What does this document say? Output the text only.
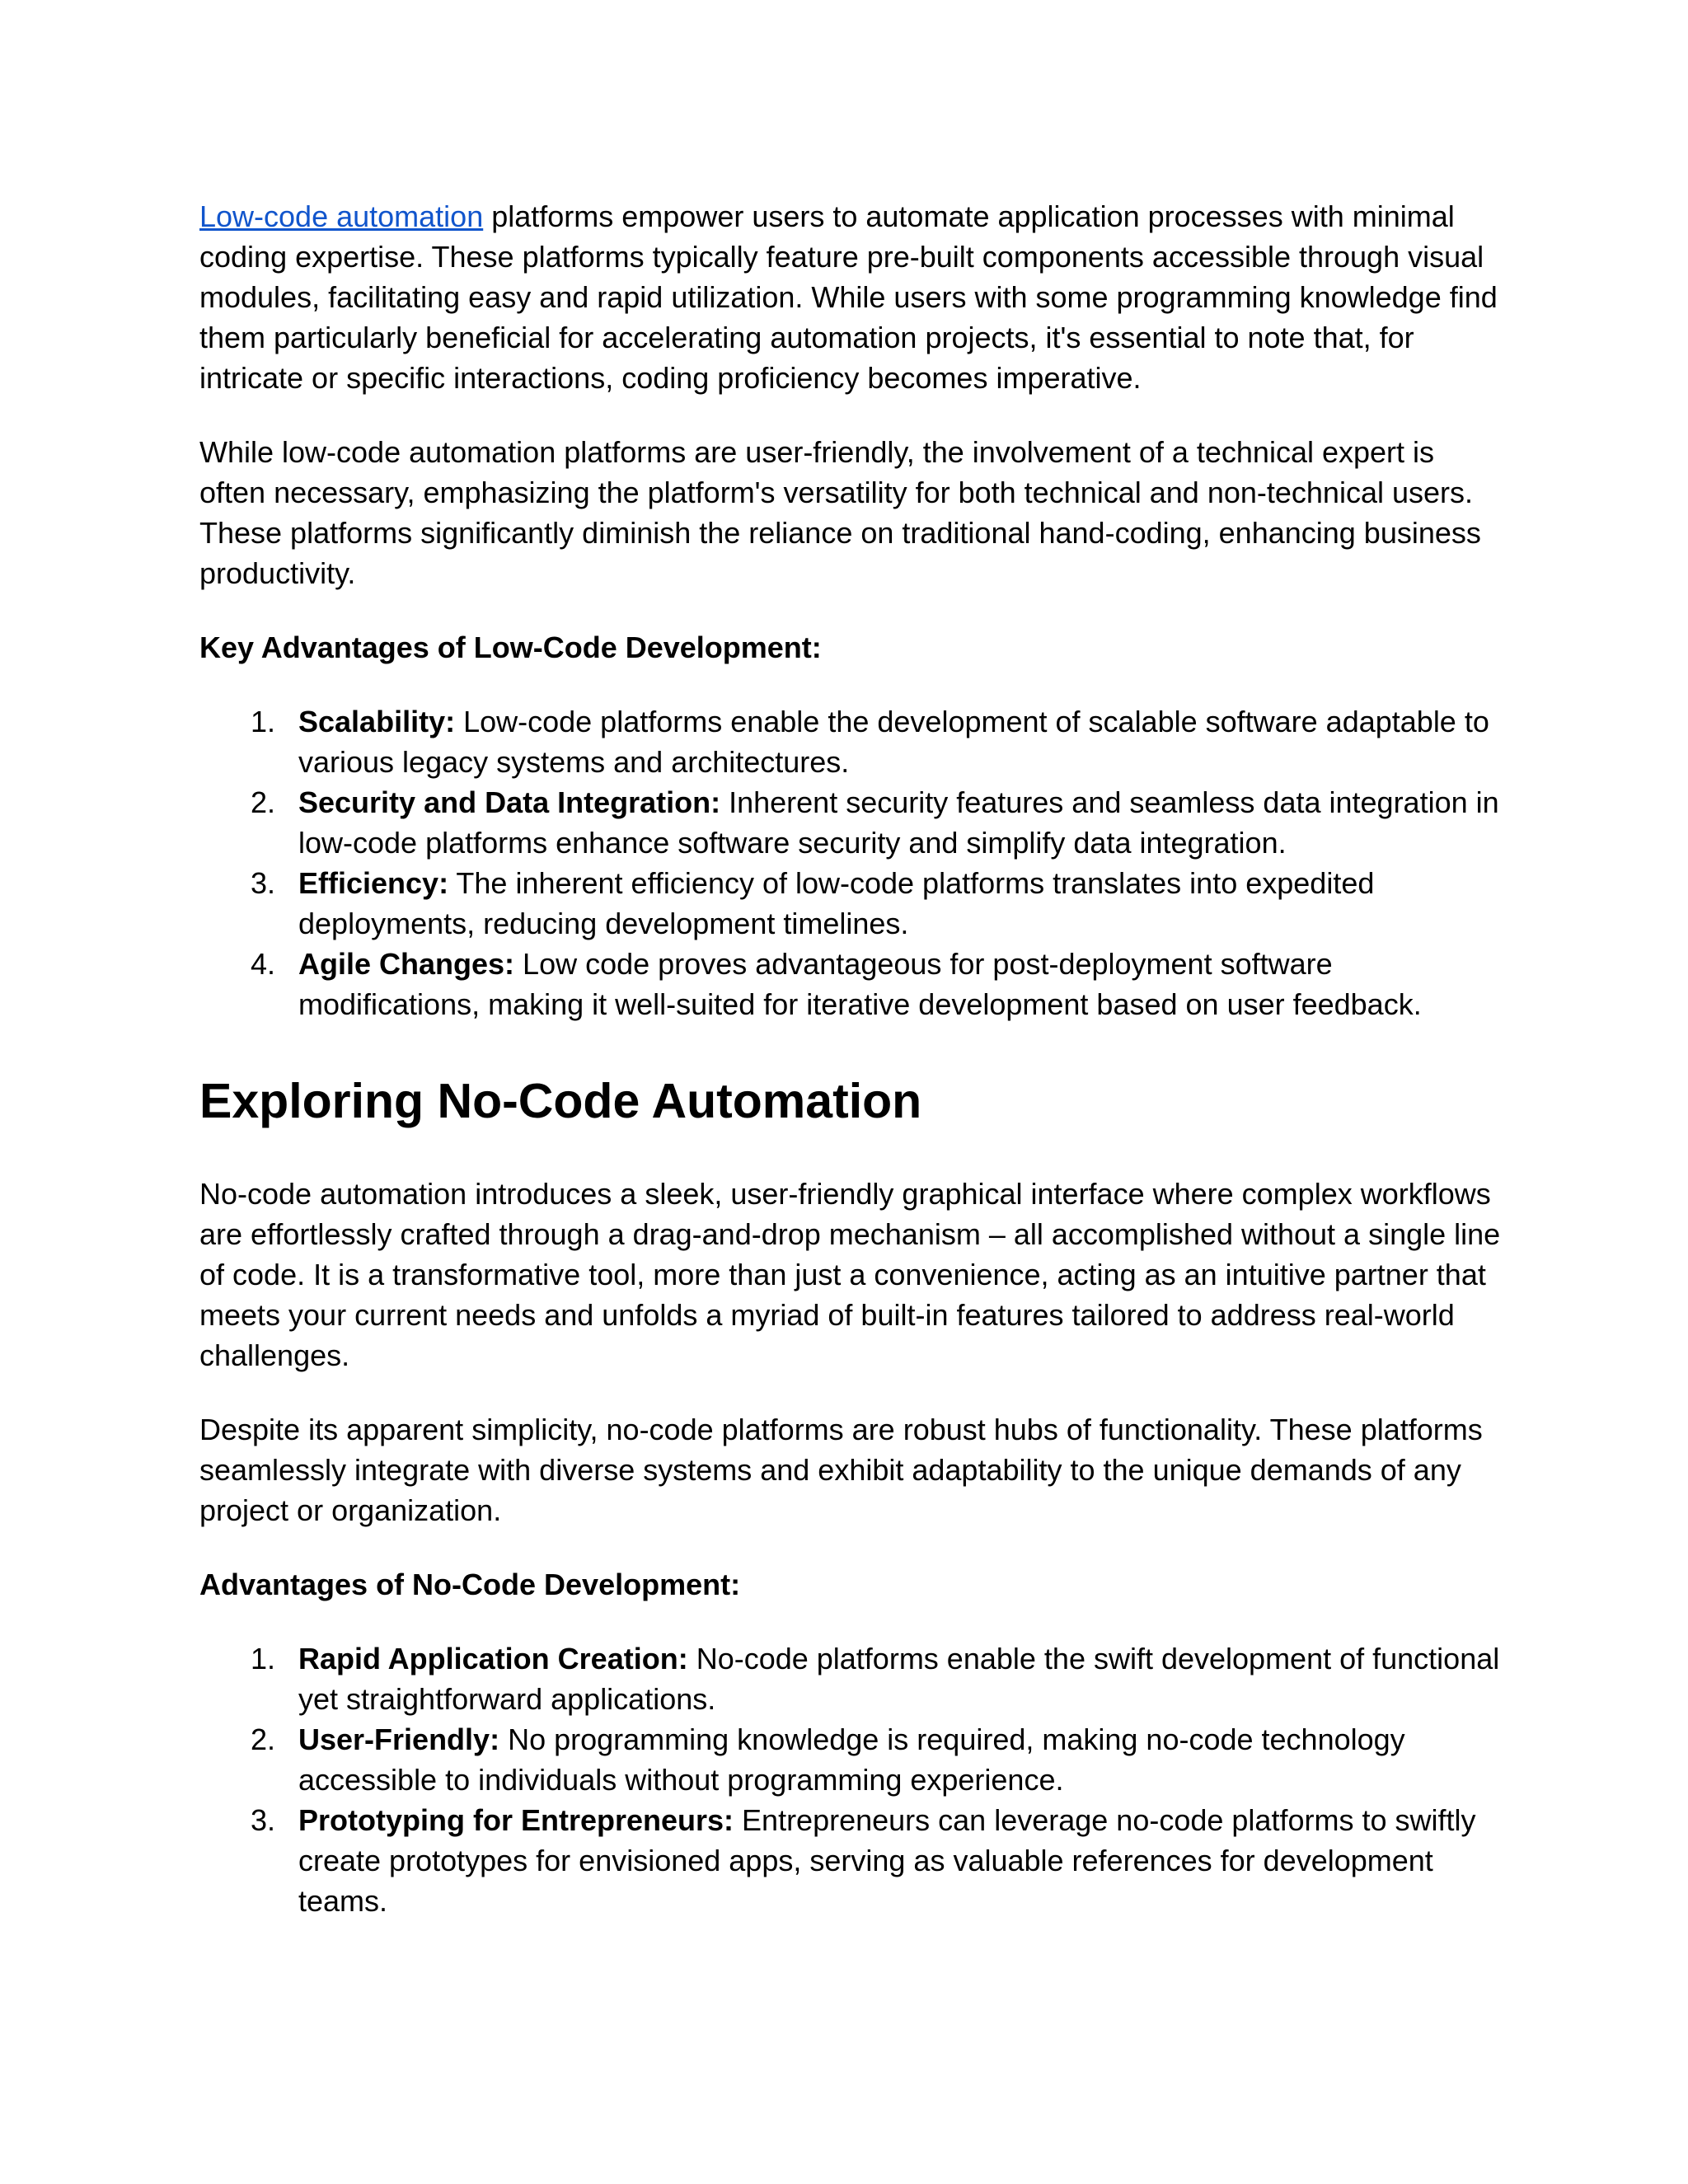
Low-code automation platforms empower users to automate application processes with minimal coding expertise. These platforms typically feature pre-built components accessible through visual modules, facilitating easy and rapid utilization. While users with some programming knowledge find them particularly beneficial for accelerating automation projects, it's essential to note that, for intricate or specific interactions, coding proficiency becomes imperative.

While low-code automation platforms are user-friendly, the involvement of a technical expert is often necessary, emphasizing the platform's versatility for both technical and non-technical users. These platforms significantly diminish the reliance on traditional hand-coding, enhancing business productivity.

Key Advantages of Low-Code Development:

1. Scalability: Low-code platforms enable the development of scalable software adaptable to various legacy systems and architectures.
2. Security and Data Integration: Inherent security features and seamless data integration in low-code platforms enhance software security and simplify data integration.
3. Efficiency: The inherent efficiency of low-code platforms translates into expedited deployments, reducing development timelines.
4. Agile Changes: Low code proves advantageous for post-deployment software modifications, making it well-suited for iterative development based on user feedback.
Exploring No-Code Automation

No-code automation introduces a sleek, user-friendly graphical interface where complex workflows are effortlessly crafted through a drag-and-drop mechanism – all accomplished without a single line of code. It is a transformative tool, more than just a convenience, acting as an intuitive partner that meets your current needs and unfolds a myriad of built-in features tailored to address real-world challenges.

Despite its apparent simplicity, no-code platforms are robust hubs of functionality. These platforms seamlessly integrate with diverse systems and exhibit adaptability to the unique demands of any project or organization.

Advantages of No-Code Development:

1. Rapid Application Creation: No-code platforms enable the swift development of functional yet straightforward applications.
2. User-Friendly: No programming knowledge is required, making no-code technology accessible to individuals without programming experience.
3. Prototyping for Entrepreneurs: Entrepreneurs can leverage no-code platforms to swiftly create prototypes for envisioned apps, serving as valuable references for development teams.
